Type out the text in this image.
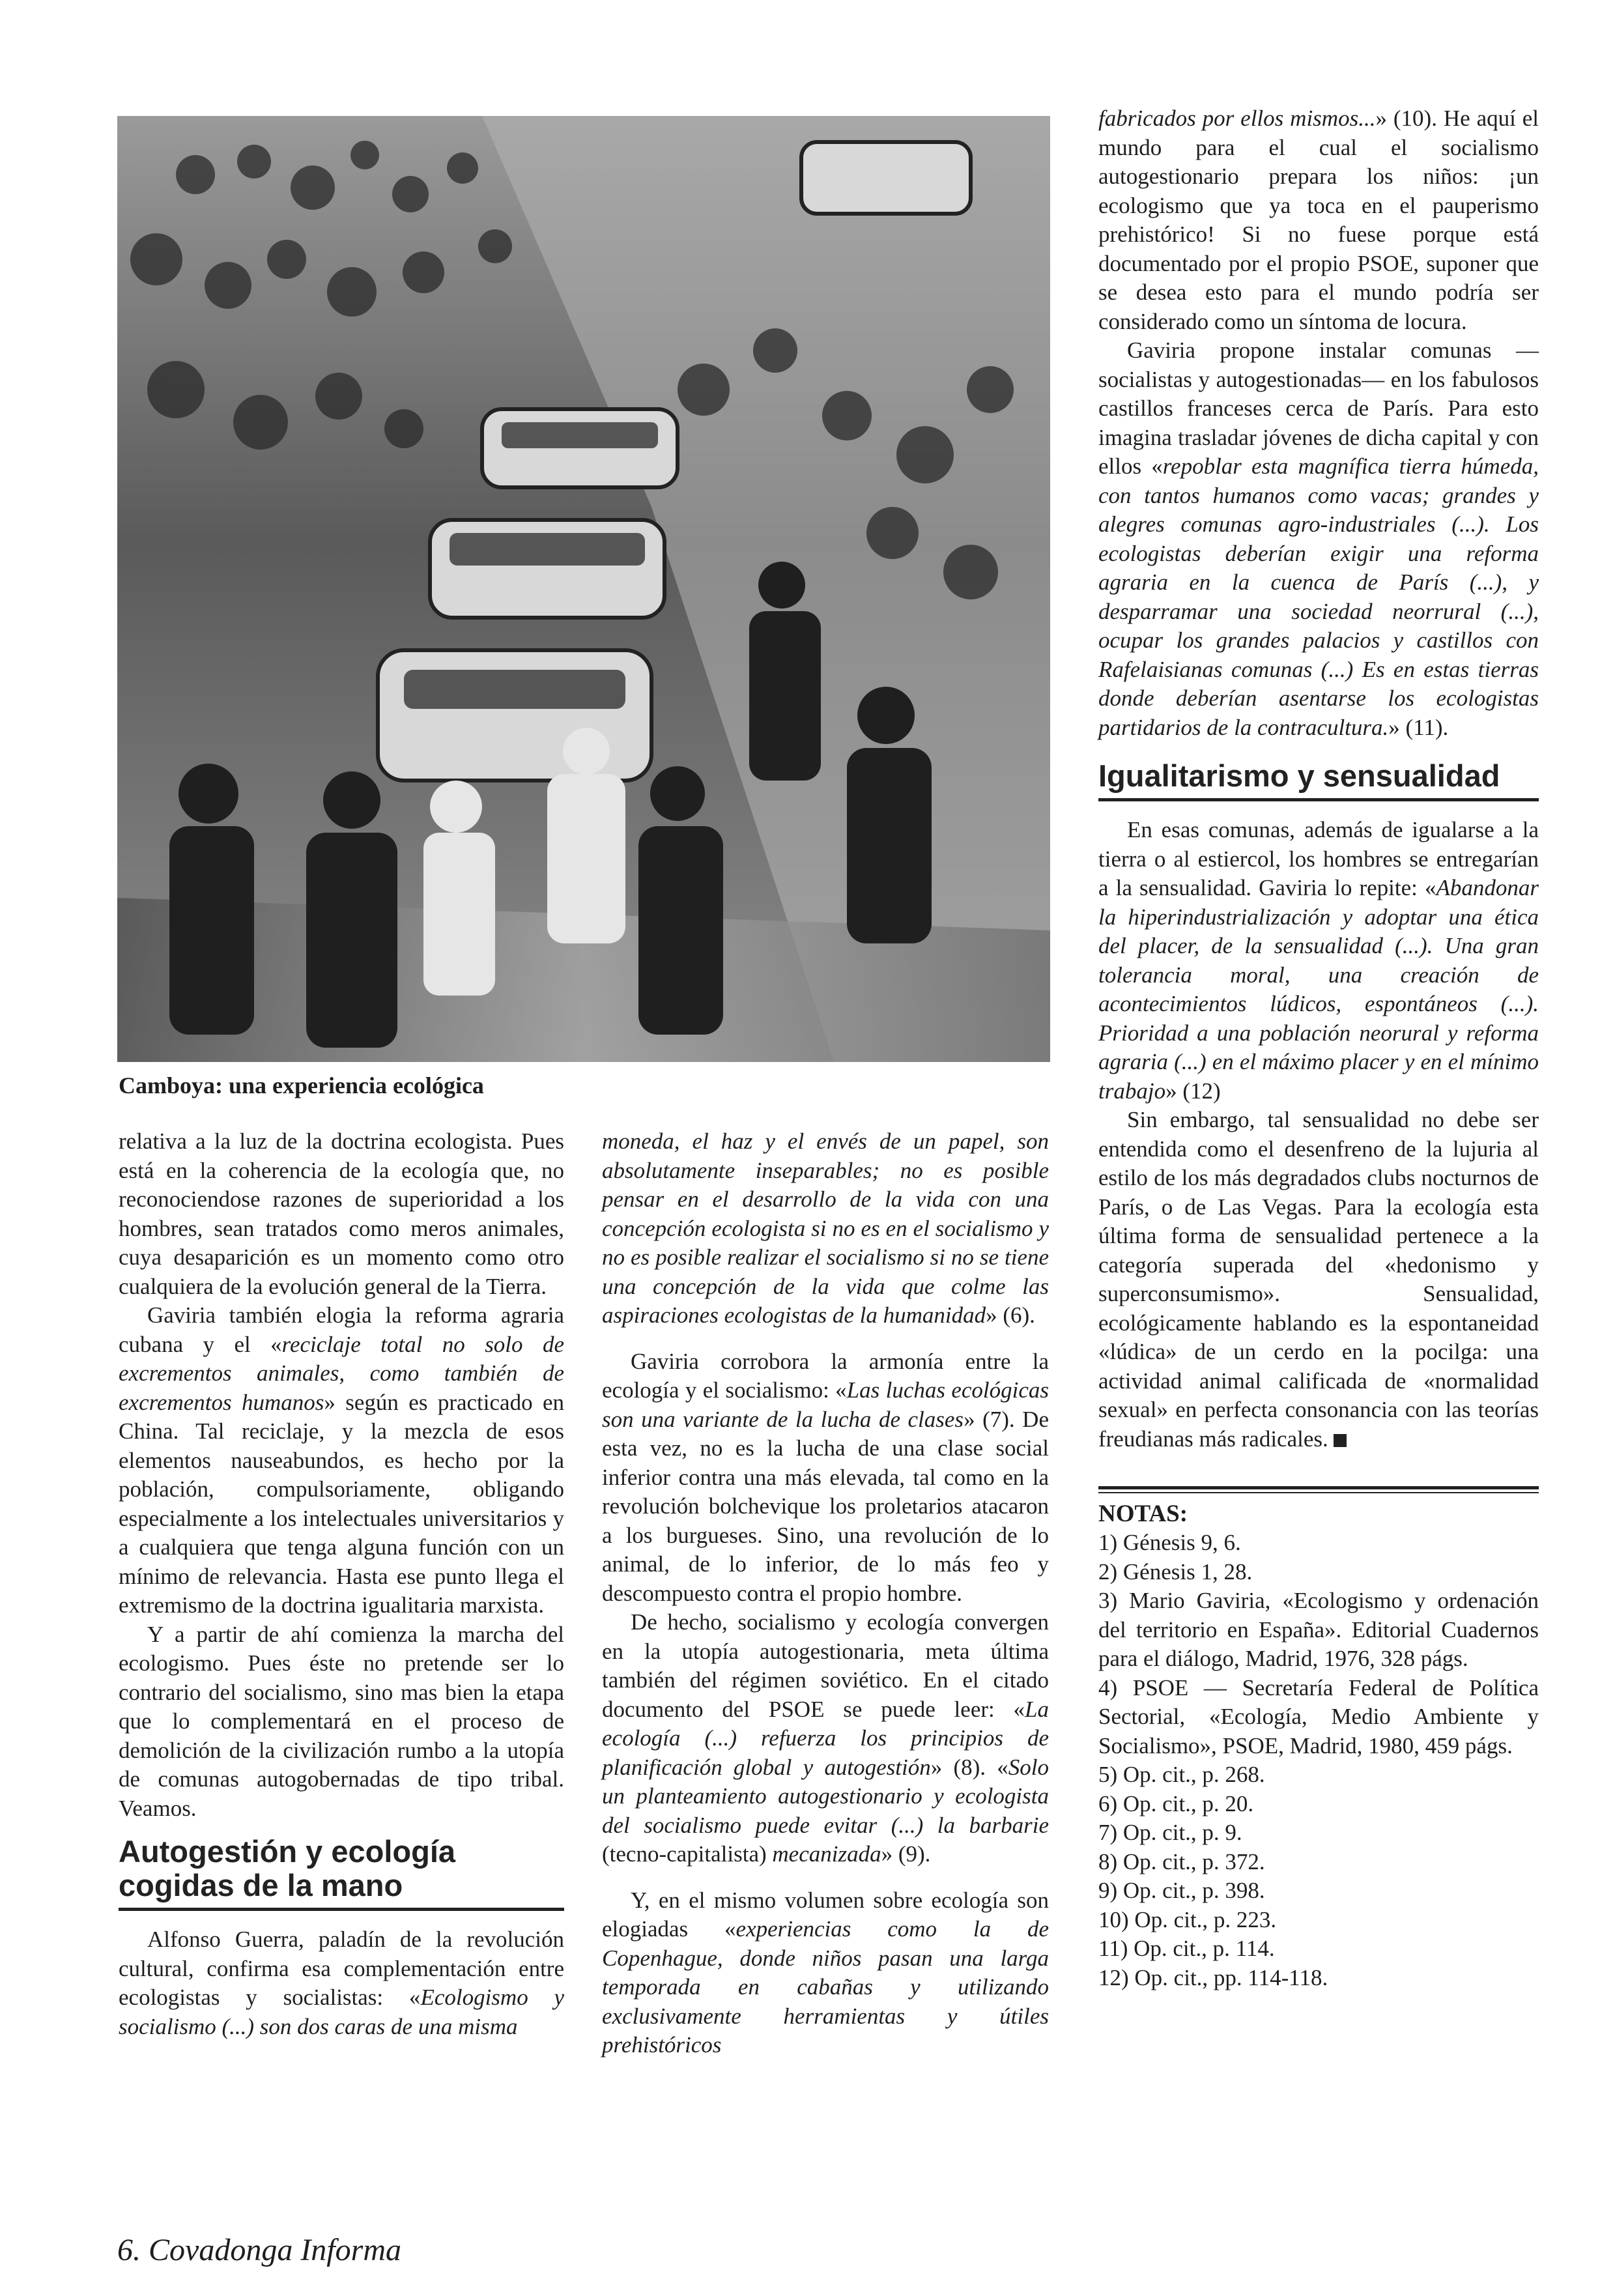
Camboya: una experiencia ecológica

relativa a la luz de la doctrina ecologista. Pues está en la coherencia de la ecología que, no reconociendose razones de superioridad a los hombres, sean tratados como meros animales, cuya desaparición es un momento como otro cualquiera de la evolución general de la Tierra.

Gaviria también elogia la reforma agraria cubana y el «reciclaje total no solo de excrementos animales, como también de excrementos humanos» según es practicado en China. Tal reciclaje, y la mezcla de esos elementos nauseabundos, es hecho por la población, compulsoriamente, obligando especialmente a los intelectuales universitarios y a cualquiera que tenga alguna función con un mínimo de relevancia. Hasta ese punto llega el extremismo de la doctrina igualitaria marxista.

Y a partir de ahí comienza la marcha del ecologismo. Pues éste no pretende ser lo contrario del socialismo, sino mas bien la etapa que lo complementará en el proceso de demolición de la civilización rumbo a la utopía de comunas autogobernadas de tipo tribal. Veamos.

Autogestión y ecología
cogidas de la mano

Alfonso Guerra, paladín de la revolución cultural, confirma esa complementación entre ecologistas y socialistas: «Ecologismo y socialismo (...) son dos caras de una misma

moneda, el haz y el envés de un papel, son absolutamente inseparables; no es posible pensar en el desarrollo de la vida con una concepción ecologista si no es en el socialismo y no es posible realizar el socialismo si no se tiene una concepción de la vida que colme las aspiraciones ecologistas de la humanidad» (6).

Gaviria corrobora la armonía entre la ecología y el socialismo: «Las luchas ecológicas son una variante de la lucha de clases» (7). De esta vez, no es la lucha de una clase social inferior contra una más elevada, tal como en la revolución bolchevique los proletarios atacaron a los burgueses. Sino, una revolución de lo animal, de lo inferior, de lo más feo y descompuesto contra el propio hombre.

De hecho, socialismo y ecología convergen en la utopía autogestionaria, meta última también del régimen soviético. En el citado documento del PSOE se puede leer: «La ecología (...) refuerza los principios de planificación global y autogestión» (8). «Solo un planteamiento autogestionario y ecologista del socialismo puede evitar (...) la barbarie (tecno-capitalista) mecanizada» (9).

Y, en el mismo volumen sobre ecología son elogiadas «experiencias como la de Copenhague, donde niños pasan una larga temporada en cabañas y utilizando exclusivamente herramientas y útiles prehistóricos

fabricados por ellos mismos...» (10). He aquí el mundo para el cual el socialismo autogestionario prepara los niños: ¡un ecologismo que ya toca en el pauperismo prehistórico! Si no fuese porque está documentado por el propio PSOE, suponer que se desea esto para el mundo podría ser considerado como un síntoma de locura.

Gaviria propone instalar comunas —socialistas y autogestionadas— en los fabulosos castillos franceses cerca de París. Para esto imagina trasladar jóvenes de dicha capital y con ellos «repoblar esta magnífica tierra húmeda, con tantos humanos como vacas; grandes y alegres comunas agro-industriales (...). Los ecologistas deberían exigir una reforma agraria en la cuenca de París (...), y desparramar una sociedad neorrural (...), ocupar los grandes palacios y castillos con Rafelaisianas comunas (...) Es en estas tierras donde deberían asentarse los ecologistas partidarios de la contracultura.» (11).

Igualitarismo y sensualidad

En esas comunas, además de igualarse a la tierra o al estiercol, los hombres se entregarían a la sensualidad. Gaviria lo repite: «Abandonar la hiperindustrialización y adoptar una ética del placer, de la sensualidad (...). Una gran tolerancia moral, una creación de acontecimientos lúdicos, espontáneos (...). Prioridad a una población neorural y reforma agraria (...) en el máximo placer y en el mínimo trabajo» (12)

Sin embargo, tal sensualidad no debe ser entendida como el desenfreno de la lujuria al estilo de los más degradados clubs nocturnos de París, o de Las Vegas. Para la ecología esta última forma de sensualidad pertenece a la categoría superada del «hedonismo y superconsumismo». Sensualidad, ecológicamente hablando es la espontaneidad «lúdica» de un cerdo en la pocilga: una actividad animal calificada de «normalidad sexual» en perfecta consonancia con las teorías freudianas más radicales.

NOTAS:

1) Génesis 9, 6.

2) Génesis 1, 28.

3) Mario Gaviria, «Ecologismo y ordenación del territorio en España». Editorial Cuadernos para el diálogo, Madrid, 1976, 328 págs.

4) PSOE — Secretaría Federal de Política Sectorial, «Ecología, Medio Ambiente y Socialismo», PSOE, Madrid, 1980, 459 págs.

5) Op. cit., p. 268.

6) Op. cit., p. 20.

7) Op. cit., p. 9.

8) Op. cit., p. 372.

9) Op. cit., p. 398.

10) Op. cit., p. 223.

11) Op. cit., p. 114.

12) Op. cit., pp. 114-118.

6. Covadonga Informa
